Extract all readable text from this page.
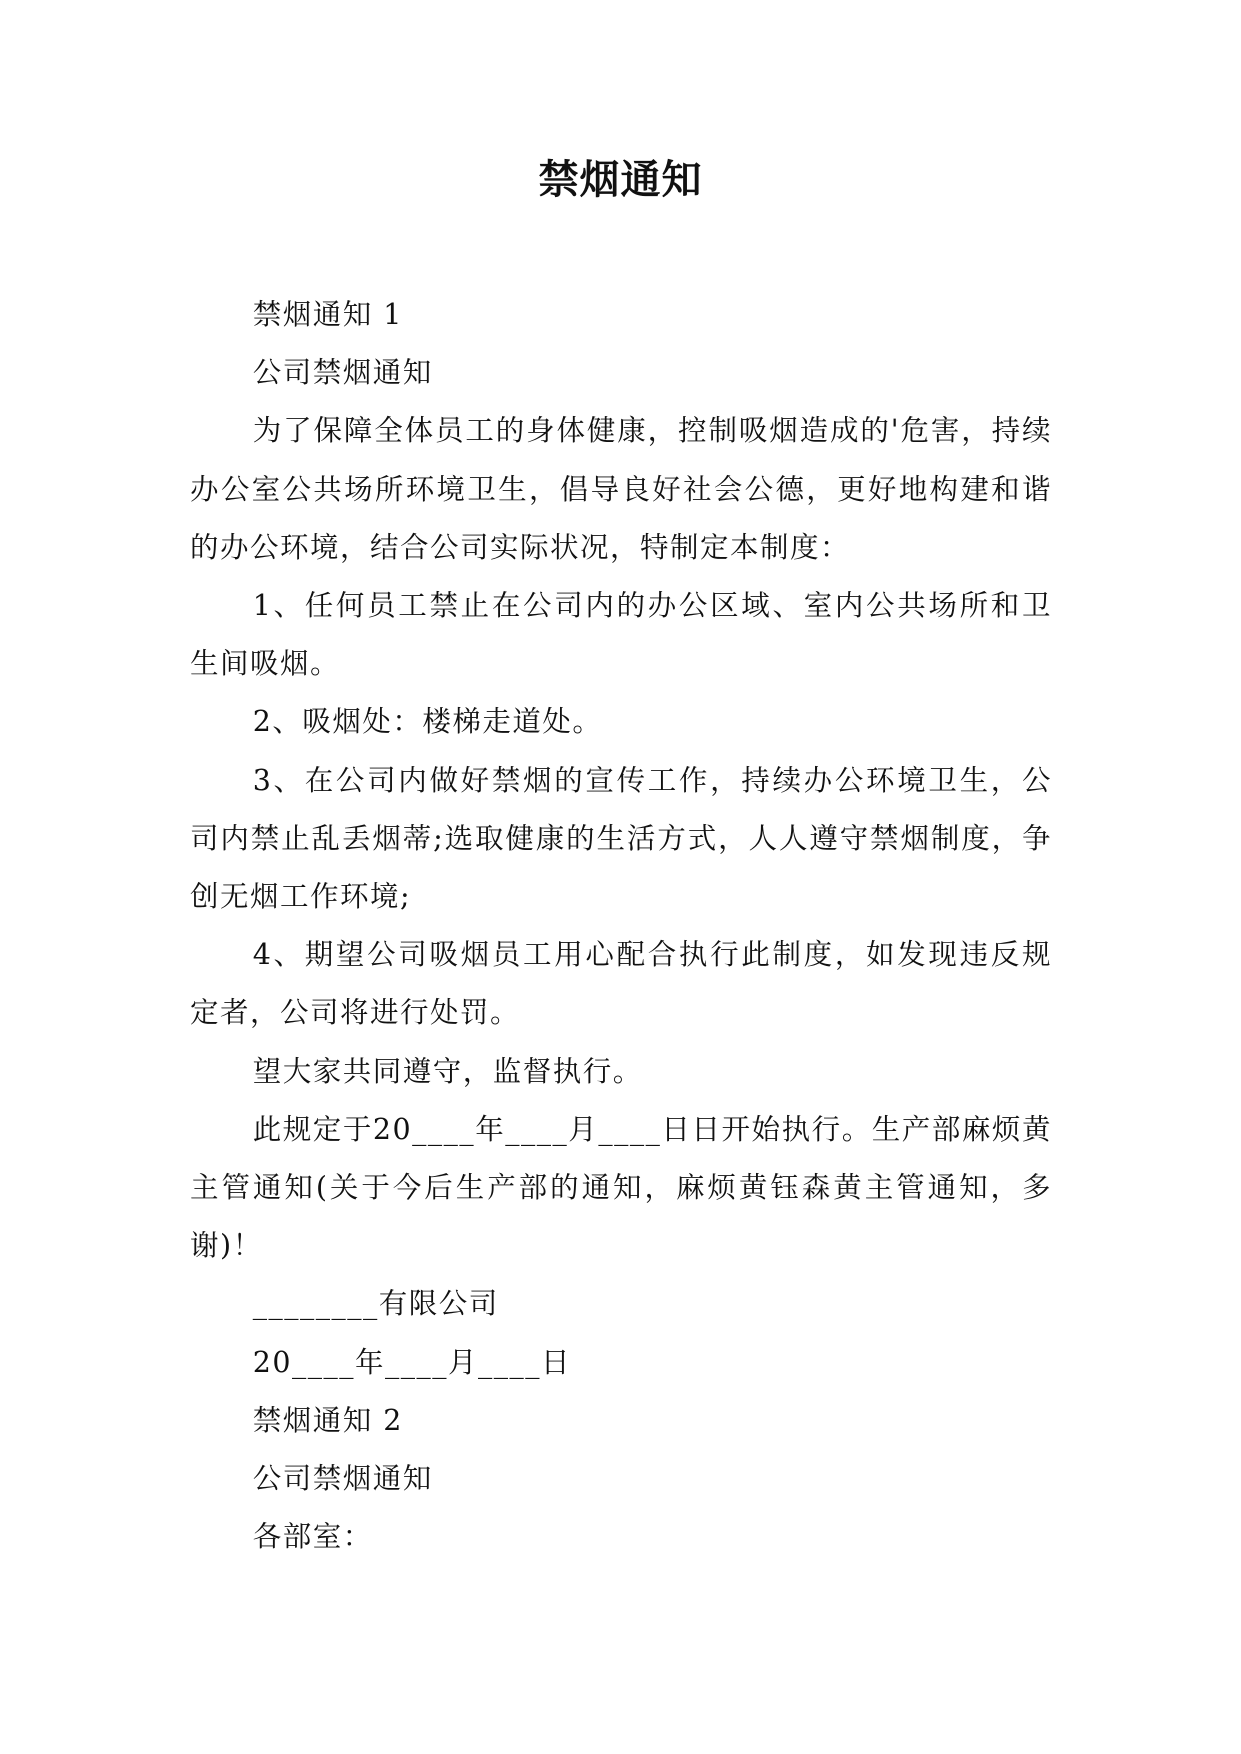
禁烟通知

禁烟通知 1

公司禁烟通知

为了保障全体员工的身体健康，控制吸烟造成的'危害，持续办公室公共场所环境卫生，倡导良好社会公德，更好地构建和谐的办公环境，结合公司实际状况，特制定本制度：

1、任何员工禁止在公司内的办公区域、室内公共场所和卫生间吸烟。

2、吸烟处：楼梯走道处。

3、在公司内做好禁烟的宣传工作，持续办公环境卫生，公司内禁止乱丢烟蒂;选取健康的生活方式，人人遵守禁烟制度，争创无烟工作环境;

4、期望公司吸烟员工用心配合执行此制度，如发现违反规定者，公司将进行处罚。

望大家共同遵守，监督执行。

此规定于20____年____月____日日开始执行。生产部麻烦黄主管通知(关于今后生产部的通知，麻烦黄钰森黄主管通知，多谢)！

________有限公司

20____年____月____日

禁烟通知 2

公司禁烟通知

各部室：
